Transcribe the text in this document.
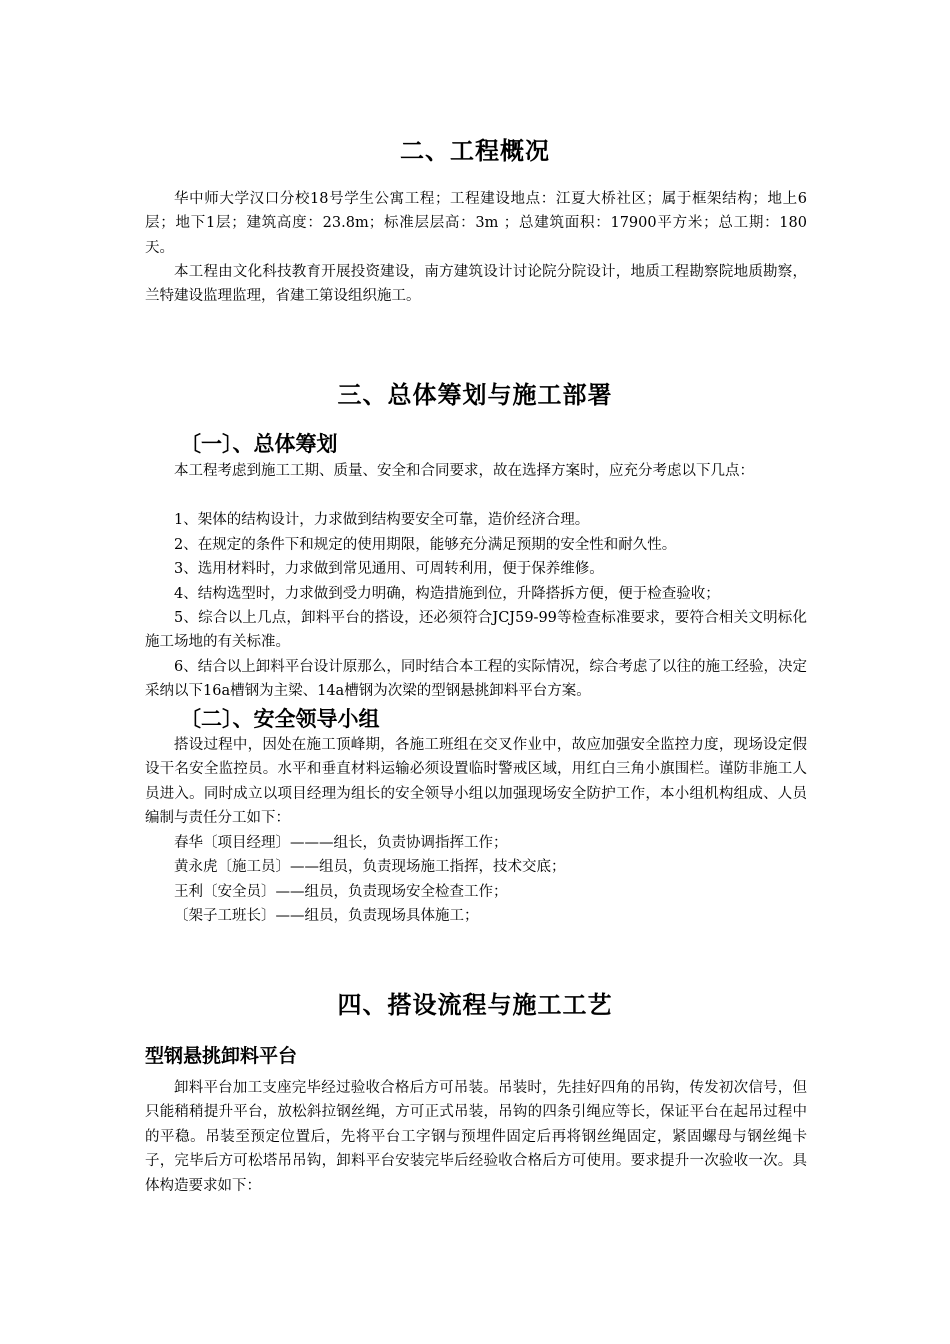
二、工程概况

华中师大学汉口分校18号学生公寓工程；工程建设地点：江夏大桥社区；属于框架结构；地上6层；地下1层；建筑高度：23.8m；标准层层高：3m ；总建筑面积：17900平方米；总工期：180天。

本工程由文化科技教育开展投资建设，南方建筑设计讨论院分院设计，地质工程勘察院地质勘察，兰特建设监理监理，省建工第设组织施工。

三、总体筹划与施工部署
〔一〕、总体筹划

本工程考虑到施工工期、质量、安全和合同要求，故在选择方案时，应充分考虑以下几点：

1、架体的结构设计，力求做到结构要安全可靠，造价经济合理。

2、在规定的条件下和规定的使用期限，能够充分满足预期的安全性和耐久性。

3、选用材料时，力求做到常见通用、可周转利用，便于保养维修。

4、结构选型时，力求做到受力明确，构造措施到位，升降搭拆方便，便于检查验收；

5、综合以上几点，卸料平台的搭设，还必须符合JCJ59-99等检查标准要求，要符合相关文明标化施工场地的有关标准。

6、结合以上卸料平台设计原那么，同时结合本工程的实际情况，综合考虑了以往的施工经验，决定采纳以下16a槽钢为主梁、14a槽钢为次梁的型钢悬挑卸料平台方案。

〔二〕、安全领导小组

搭设过程中，因处在施工顶峰期，各施工班组在交叉作业中，故应加强安全监控力度，现场设定假设干名安全监控员。水平和垂直材料运输必须设置临时警戒区域，用红白三角小旗围栏。谨防非施工人员进入。同时成立以项目经理为组长的安全领导小组以加强现场安全防护工作，本小组机构组成、人员编制与责任分工如下：

春华〔项目经理〕———组长，负责协调指挥工作；

黄永虎〔施工员〕——组员，负责现场施工指挥，技术交底；

王利〔安全员〕——组员，负责现场安全检查工作；

〔架子工班长〕——组员，负责现场具体施工；

四、搭设流程与施工工艺
型钢悬挑卸料平台

卸料平台加工支座完毕经过验收合格后方可吊装。吊装时，先挂好四角的吊钩，传发初次信号，但只能稍稍提升平台，放松斜拉钢丝绳，方可正式吊装，吊钩的四条引绳应等长，保证平台在起吊过程中的平稳。吊装至预定位置后，先将平台工字钢与预埋件固定后再将钢丝绳固定，紧固螺母与钢丝绳卡子，完毕后方可松塔吊吊钩，卸料平台安装完毕后经验收合格后方可使用。要求提升一次验收一次。具体构造要求如下：
